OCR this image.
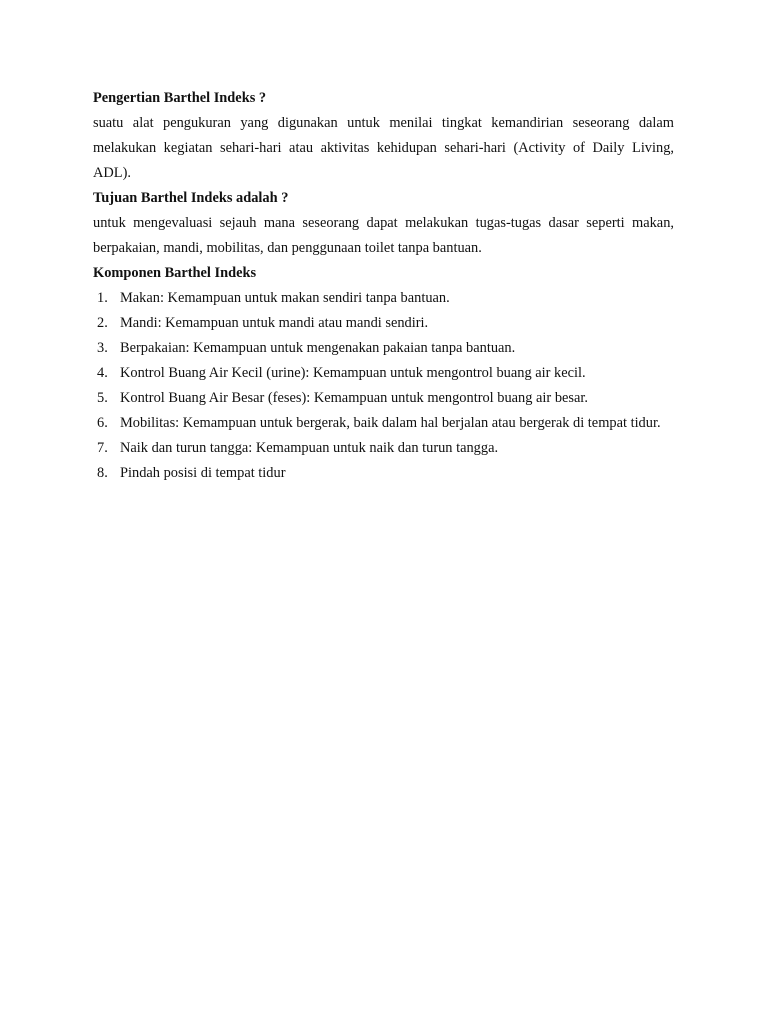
Pengertian Barthel Indeks ?

suatu alat pengukuran yang digunakan untuk menilai tingkat kemandirian seseorang dalam melakukan kegiatan sehari-hari atau aktivitas kehidupan sehari-hari (Activity of Daily Living, ADL).

Tujuan Barthel Indeks adalah ?

untuk mengevaluasi sejauh mana seseorang dapat melakukan tugas-tugas dasar seperti makan, berpakaian, mandi, mobilitas, dan penggunaan toilet tanpa bantuan.

Komponen Barthel Indeks

1. Makan: Kemampuan untuk makan sendiri tanpa bantuan.
2. Mandi: Kemampuan untuk mandi atau mandi sendiri.
3. Berpakaian: Kemampuan untuk mengenakan pakaian tanpa bantuan.
4. Kontrol Buang Air Kecil (urine): Kemampuan untuk mengontrol buang air kecil.
5. Kontrol Buang Air Besar (feses): Kemampuan untuk mengontrol buang air besar.
6. Mobilitas: Kemampuan untuk bergerak, baik dalam hal berjalan atau bergerak di tempat tidur.
7. Naik dan turun tangga: Kemampuan untuk naik dan turun tangga.
8. Pindah posisi di tempat tidur
